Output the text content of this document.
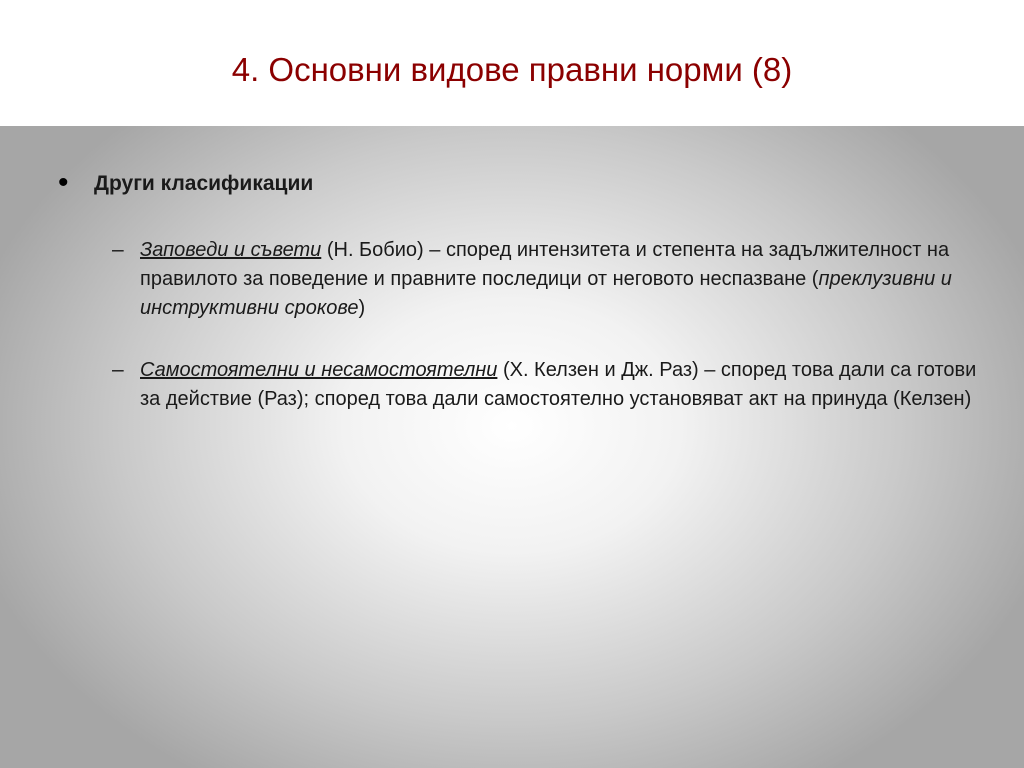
4. Основни видове правни норми (8)
• Други класификации
– Заповеди и съвети (Н. Бобио) – според интензитета и степента на задължителност на правилото за поведение и правните последици от неговото неспазване (преклузивни и инструктивни срокове)
– Самостоятелни и несамостоятелни (Х. Келзен и Дж. Раз) – според това дали са готови за действие (Раз); според това дали самостоятелно установяват акт на принуда (Келзен)
